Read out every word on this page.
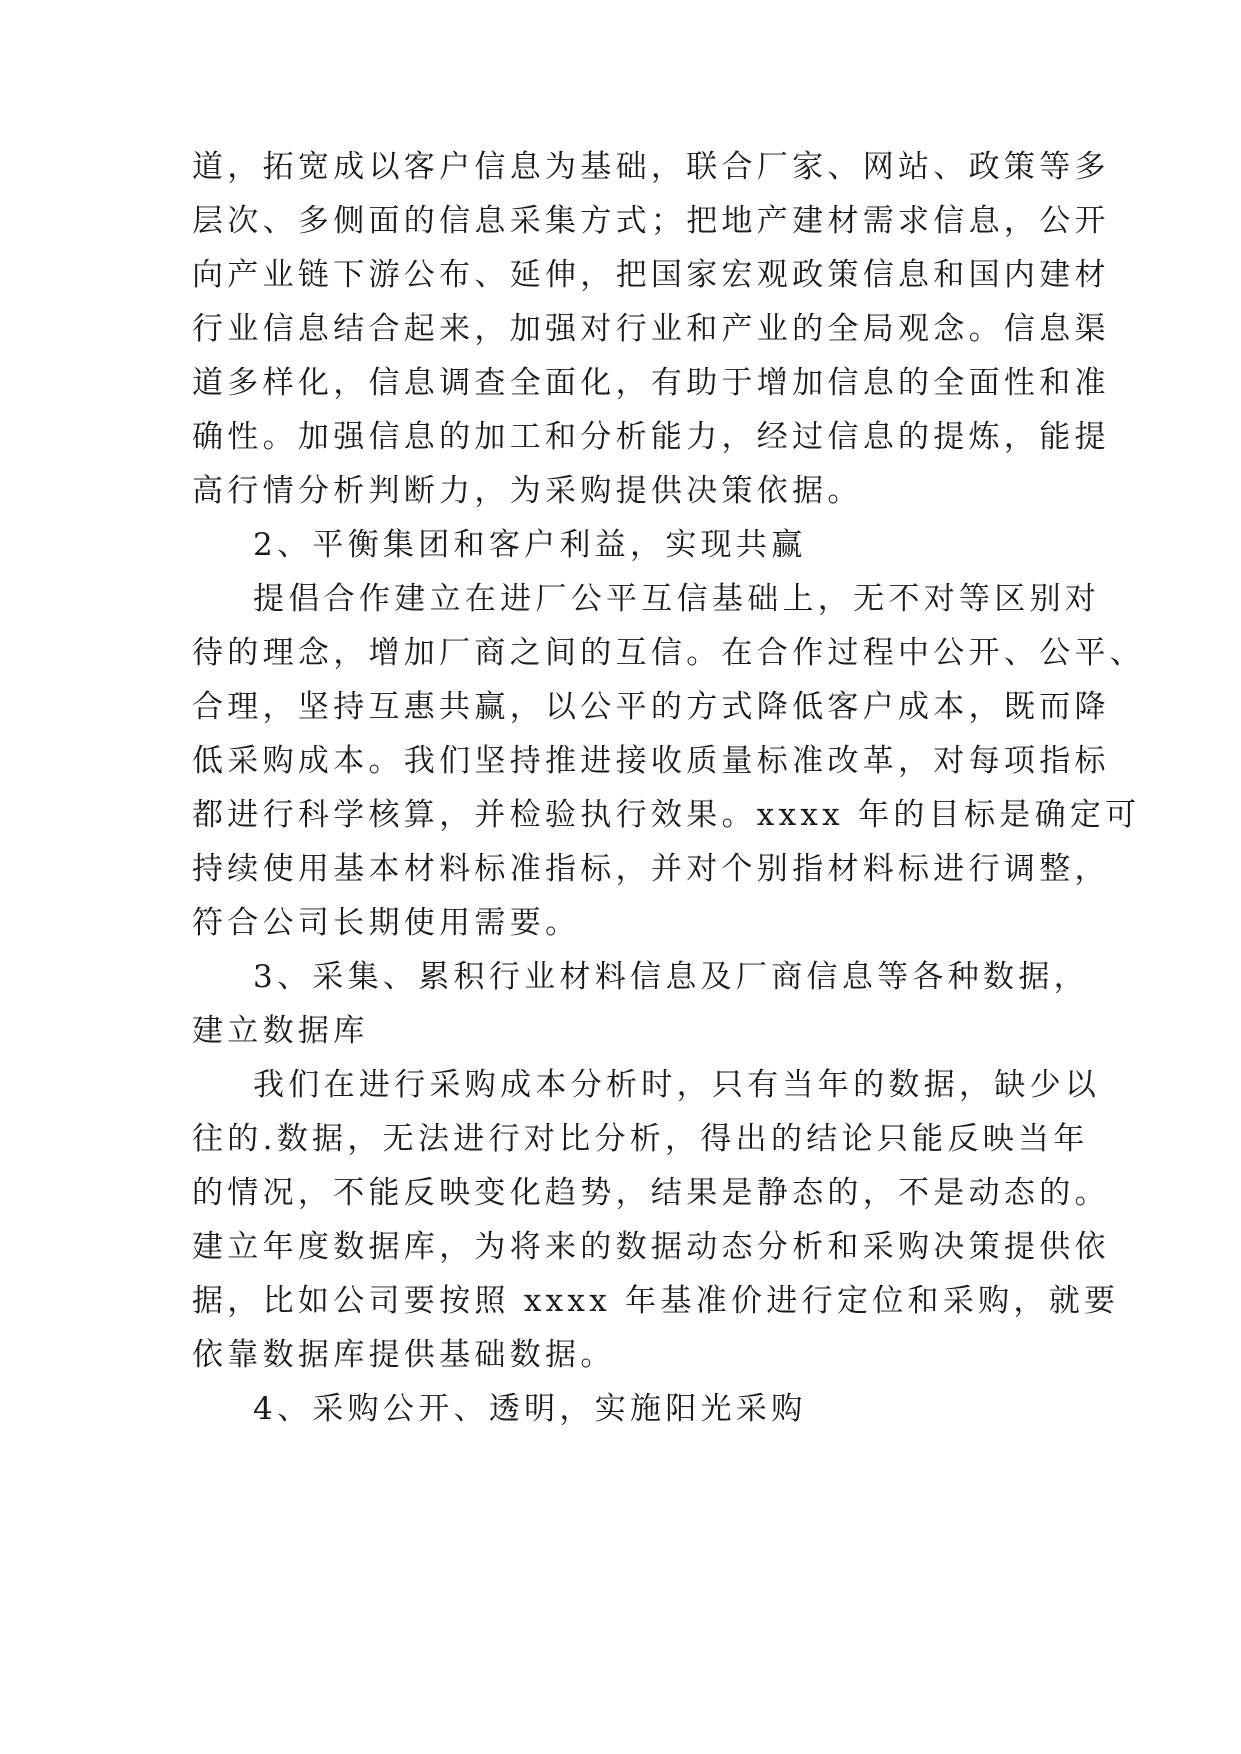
道，拓宽成以客户信息为基础，联合厂家、网站、政策等多
层次、多侧面的信息采集方式；把地产建材需求信息，公开
向产业链下游公布、延伸，把国家宏观政策信息和国内建材
行业信息结合起来，加强对行业和产业的全局观念。信息渠
道多样化，信息调查全面化，有助于增加信息的全面性和准
确性。加强信息的加工和分析能力，经过信息的提炼，能提
高行情分析判断力，为采购提供决策依据。
2、平衡集团和客户利益，实现共赢
提倡合作建立在进厂公平互信基础上，无不对等区别对
待的理念，增加厂商之间的互信。在合作过程中公开、公平、
合理，坚持互惠共赢，以公平的方式降低客户成本，既而降
低采购成本。我们坚持推进接收质量标准改革，对每项指标
都进行科学核算，并检验执行效果。xxxx 年的目标是确定可
持续使用基本材料标准指标，并对个别指材料标进行调整，
符合公司长期使用需要。
3、采集、累积行业材料信息及厂商信息等各种数据，
建立数据库
我们在进行采购成本分析时，只有当年的数据，缺少以
往的.数据，无法进行对比分析，得出的结论只能反映当年
的情况，不能反映变化趋势，结果是静态的，不是动态的。
建立年度数据库，为将来的数据动态分析和采购决策提供依
据，比如公司要按照 xxxx 年基准价进行定位和采购，就要
依靠数据库提供基础数据。
4、采购公开、透明，实施阳光采购
